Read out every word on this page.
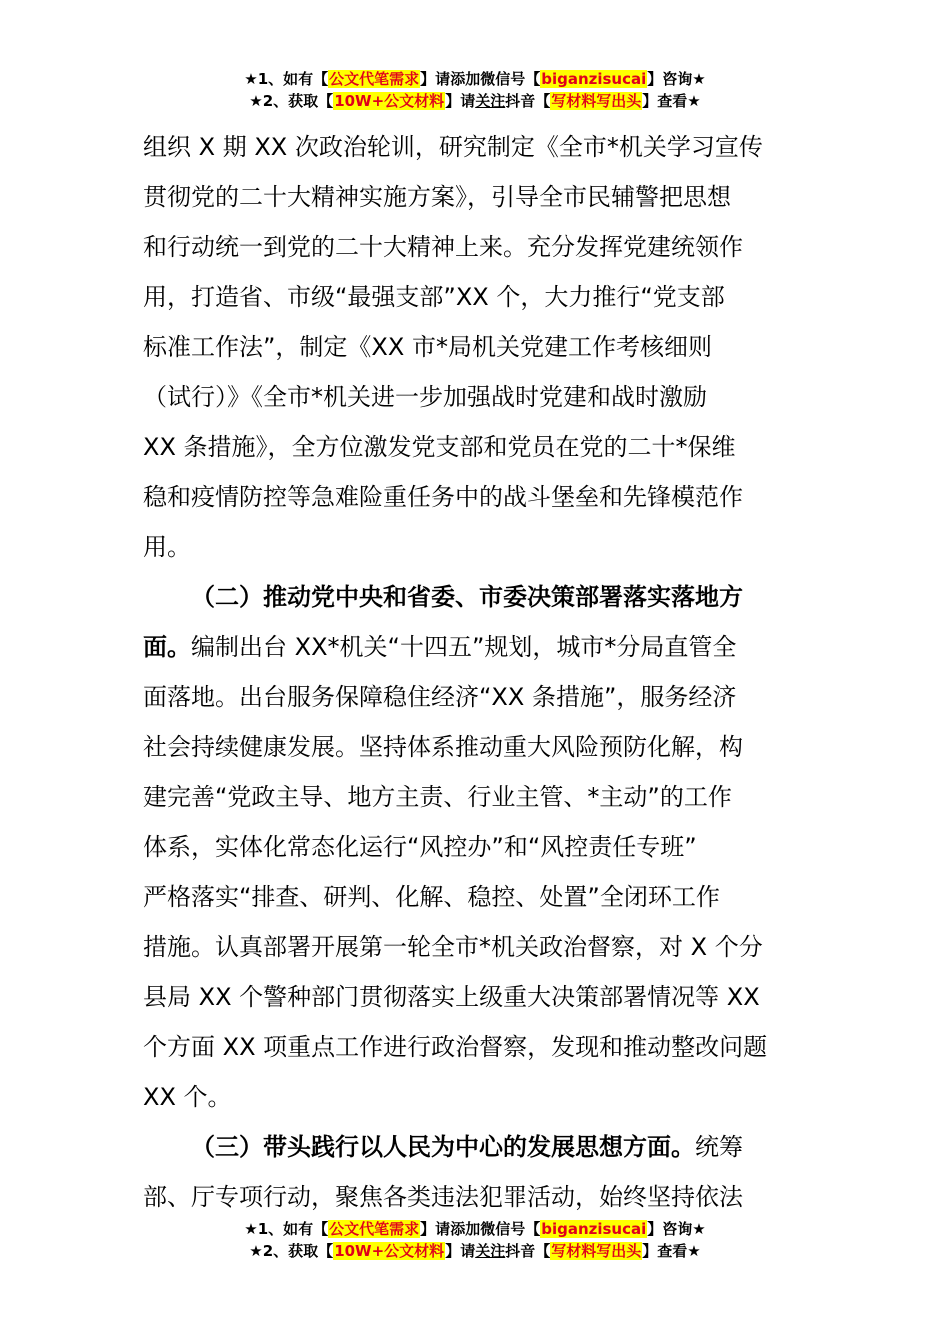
★1、如有【公文代笔需求】请添加微信号【biganzisucai】咨询★
★2、获取【10W+公文材料】请关注抖音【写材料写出头】查看★
组织 X 期 XX 次政治轮训，研究制定《全市*机关学习宣传
贯彻党的二十大精神实施方案》，引导全市民辅警把思想
和行动统一到党的二十大精神上来。充分发挥党建统领作
用，打造省、市级“最强支部”XX 个，大力推行“党支部
标准工作法”，制定《XX 市*局机关党建工作考核细则
（试行）》《全市*机关进一步加强战时党建和战时激励
XX 条措施》，全方位激发党支部和党员在党的二十*保维
稳和疫情防控等急难险重任务中的战斗堡垒和先锋模范作
用。
（二）推动党中央和省委、市委决策部署落实落地方
面。编制出台 XX*机关“十四五”规划，城市*分局直管全
面落地。出台服务保障稳住经济“XX 条措施”，服务经济
社会持续健康发展。坚持体系推动重大风险预防化解，构
建完善“党政主导、地方主责、行业主管、*主动”的工作
体系，实体化常态化运行“风控办”和“风控责任专班”
严格落实“排查、研判、化解、稳控、处置”全闭环工作
措施。认真部署开展第一轮全市*机关政治督察，对 X 个分
县局 XX 个警种部门贯彻落实上级重大决策部署情况等 XX
个方面 XX 项重点工作进行政治督察，发现和推动整改问题
XX 个。
（三）带头践行以人民为中心的发展思想方面。统筹
部、厅专项行动，聚焦各类违法犯罪活动，始终坚持依法
★1、如有【公文代笔需求】请添加微信号【biganzisucai】咨询★
★2、获取【10W+公文材料】请关注抖音【写材料写出头】查看★
